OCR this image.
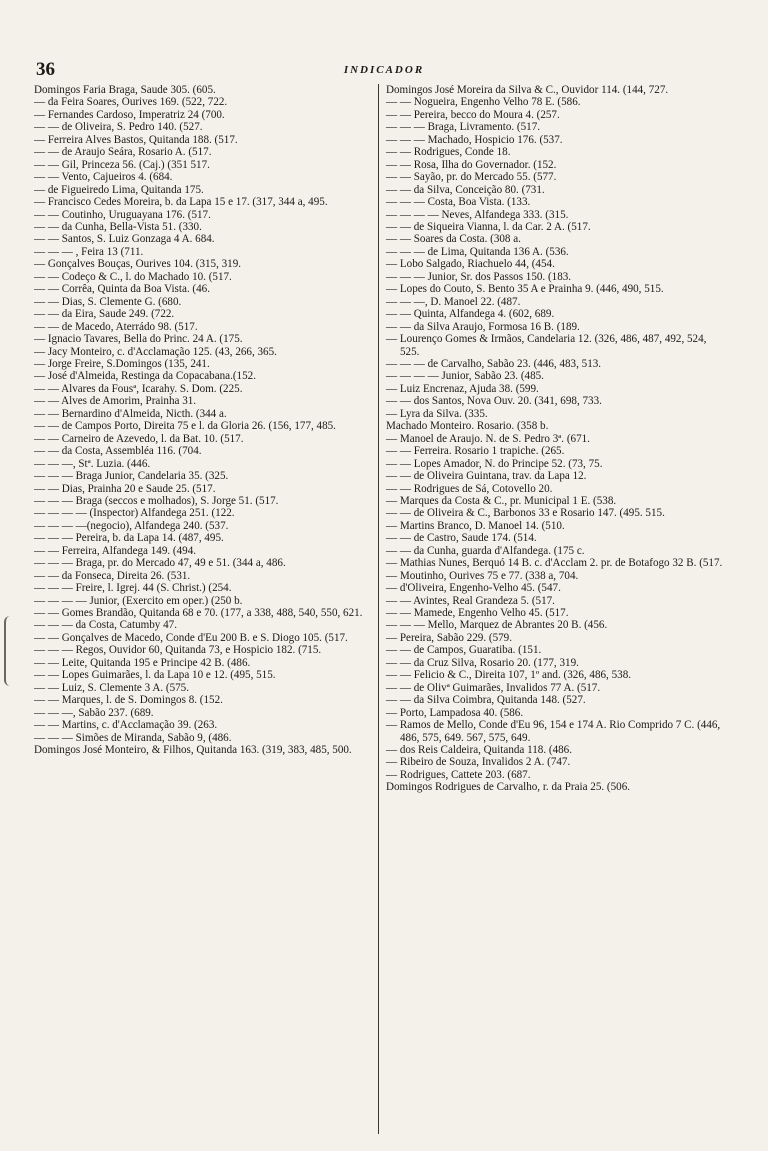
36	INDICADOR
Domingos Faria Braga, Saude 305. (605.
— da Feira Soares, Ourives 169. (522, 722.
— Fernandes Cardoso, Imperatriz 24 (700.
— — de Oliveira, S. Pedro 140. (527.
— Ferreira Alves Bastos, Quitanda 188. (517.
— — de Araujo Seára, Rosario A. (517.
— — Gil, Princeza 56. (Caj.) (351 517.
— — Vento, Cajueiros 4. (684.
— de Figueiredo Lima, Quitanda 175.
— Francisco Cedes Moreira, b. da Lapa 15 e 17. (317, 344 a, 495.
— — Coutinho, Uruguayana 176. (517.
— — da Cunha, Bella-Vista 51. (330.
— — Santos, S. Luiz Gonzaga 4 A. 684.
— — — , Feira 13 (711.
— Gonçalves Bouças, Ourives 104. (315, 319.
— — Codeço & C., l. do Machado 10. (517.
— — Corrêa, Quinta da Boa Vista. (46.
— — Dias, S. Clemente G. (680.
— — da Eira, Saude 249. (722.
— — de Macedo, Aterrádo 98. (517.
— Ignacio Tavares, Bella do Princ. 24 A. (175.
— Jacy Monteiro, c. d'Acclamação 125. (43, 266, 365.
— Jorge Freire, S.Domingos (135, 241.
— José d'Almeida, Restinga da Copacabana.(152.
— — Alvares da Fousª, Icarahy. S. Dom. (225.
— — Alves de Amorim, Prainha 31.
— — Bernardino d'Almeida, Nicth. (344 a.
— — de Campos Porto, Direita 75 e l. da Gloria 26. (156, 177, 485.
— — Carneiro de Azevedo, l. da Bat. 10. (517.
— — da Costa, Assembléa 116. (704.
— — —, Stª. Luzia. (446.
— — — Braga Junior, Candelaria 35. (325.
— — Dias, Prainha 20 e Saude 25. (517.
— — — Braga (seccos e molhados), S. Jorge 51. (517.
— — — — (Inspector) Alfandega 251. (122.
— — — —(negocio), Alfandega 240. (537.
— — — Pereira, b. da Lapa 14. (487, 495.
— — Ferreira, Alfandega 149. (494.
— — — Braga, pr. do Mercado 47, 49 e 51. (344 a, 486.
— — da Fonseca, Direita 26. (531.
— — — Freire, l. Igrej. 44 (S. Christ.) (254.
— — — — Junior, (Exercito em oper.) (250 b.
— — Gomes Brandão, Quitanda 68 e 70. (177, a 338, 488, 540, 550, 621.
— — — da Costa, Catumby 47.
— — Gonçalves de Macedo, Conde d'Eu 200 B. e S. Diogo 105. (517.
— — — Regos, Ouvidor 60, Quitanda 73, e Hospicio 182. (715.
— — Leite, Quitanda 195 e Principe 42 B. (486.
— — Lopes Guimarães, l. da Lapa 10 e 12. (495, 515.
— — Luiz, S. Clemente 3 A. (575.
— — Marques, l. de S. Domingos 8. (152.
— — —, Sabão 237. (689.
— — Martins, c. d'Acclamação 39. (263.
— — — Simões de Miranda, Sabão 9, (486.
Domingos José Monteiro, & Filhos, Quitanda 163. (319, 383, 485, 500.
Domingos José Moreira da Silva & C., Ouvidor 114. (144, 727.
— — Nogueira, Engenho Velho 78 E. (586.
— — Pereira, becco do Moura 4. (257.
— — — Braga, Livramento. (517.
— — — Machado, Hospicio 176. (537.
— — Rodrigues, Conde 18.
— — Rosa, Ilha do Governador. (152.
— — Sayão, pr. do Mercado 55. (577.
— — da Silva, Conceição 80. (731.
— — — Costa, Boa Vista. (133.
— — — — Neves, Alfandega 333. (315.
— — de Siqueira Vianna, l. da Car. 2 A. (517.
— — Soares da Costa. (308 a.
— — — de Lima, Quitanda 136 A. (536.
— Lobo Salgado, Riachuelo 44, (454.
— — — Junior, Sr. dos Passos 150. (183.
— Lopes do Couto, S. Bento 35 A e Prainha 9. (446, 490, 515.
— — —, D. Manoel 22. (487.
— — Quinta, Alfandega 4. (602, 689.
— — da Silva Araujo, Formosa 16 B. (189.
— Lourenço Gomes & Irmãos, Candelaria 12. (326, 486, 487, 492, 524, 525.
— — — de Carvalho, Sabão 23. (446, 483, 513.
— — — — Junior, Sabão 23. (485.
— Luiz Encrenaz, Ajuda 38. (599.
— — dos Santos, Nova Ouv. 20. (341, 698, 733.
— Lyra da Silva. (335.
Machado Monteiro. Rosario. (358 b.
— Manoel de Araujo. N. de S. Pedro 3ª. (671.
— — Ferreira. Rosario 1 trapiche. (265.
— — Lopes Amador, N. do Principe 52. (73, 75.
— — de Oliveira Guintana, trav. da Lapa 12.
— — Rodrigues de Sá, Cotovello 20.
— Marques da Costa & C., pr. Municipal 1 E. (538.
— — de Oliveira & C., Barbonos 33 e Rosario 147. (495. 515.
— Martins Branco, D. Manoel 14. (510.
— — de Castro, Saude 174. (514.
— — da Cunha, guarda d'Alfandega. (175 c.
— Mathias Nunes, Berquó 14 B. c. d'Acclam 2. pr. de Botafogo 32 B. (517.
— Moutinho, Ourives 75 e 77. (338 a, 704.
— d'Oliveira, Engenho-Velho 45. (547.
— — Avintes, Real Grandeza 5. (517.
— — Mamede, Engenho Velho 45. (517.
— — — Mello, Marquez de Abrantes 20 B. (456.
— Pereira, Sabão 229. (579.
— — de Campos, Guaratiba. (151.
— — da Cruz Silva, Rosario 20. (177, 319.
— — Felicio & C., Direita 107, 1º and. (326, 486, 538.
— — de Olivª Guimarães, Invalidos 77 A. (517.
— — da Silva Coimbra, Quitanda 148. (527.
— Porto, Lampadosa 40. (586.
— Ramos de Mello, Conde d'Eu 96, 154 e 174 A. Rio Comprido 7 C. (446, 486, 575, 649. 567, 575, 649.
— dos Reis Caldeira, Quitanda 118. (486.
— Ribeiro de Souza, Invalidos 2 A. (747.
— Rodrigues, Cattete 203. (687.
Domingos Rodrigues de Carvalho, r. da Praia 25. (506.
